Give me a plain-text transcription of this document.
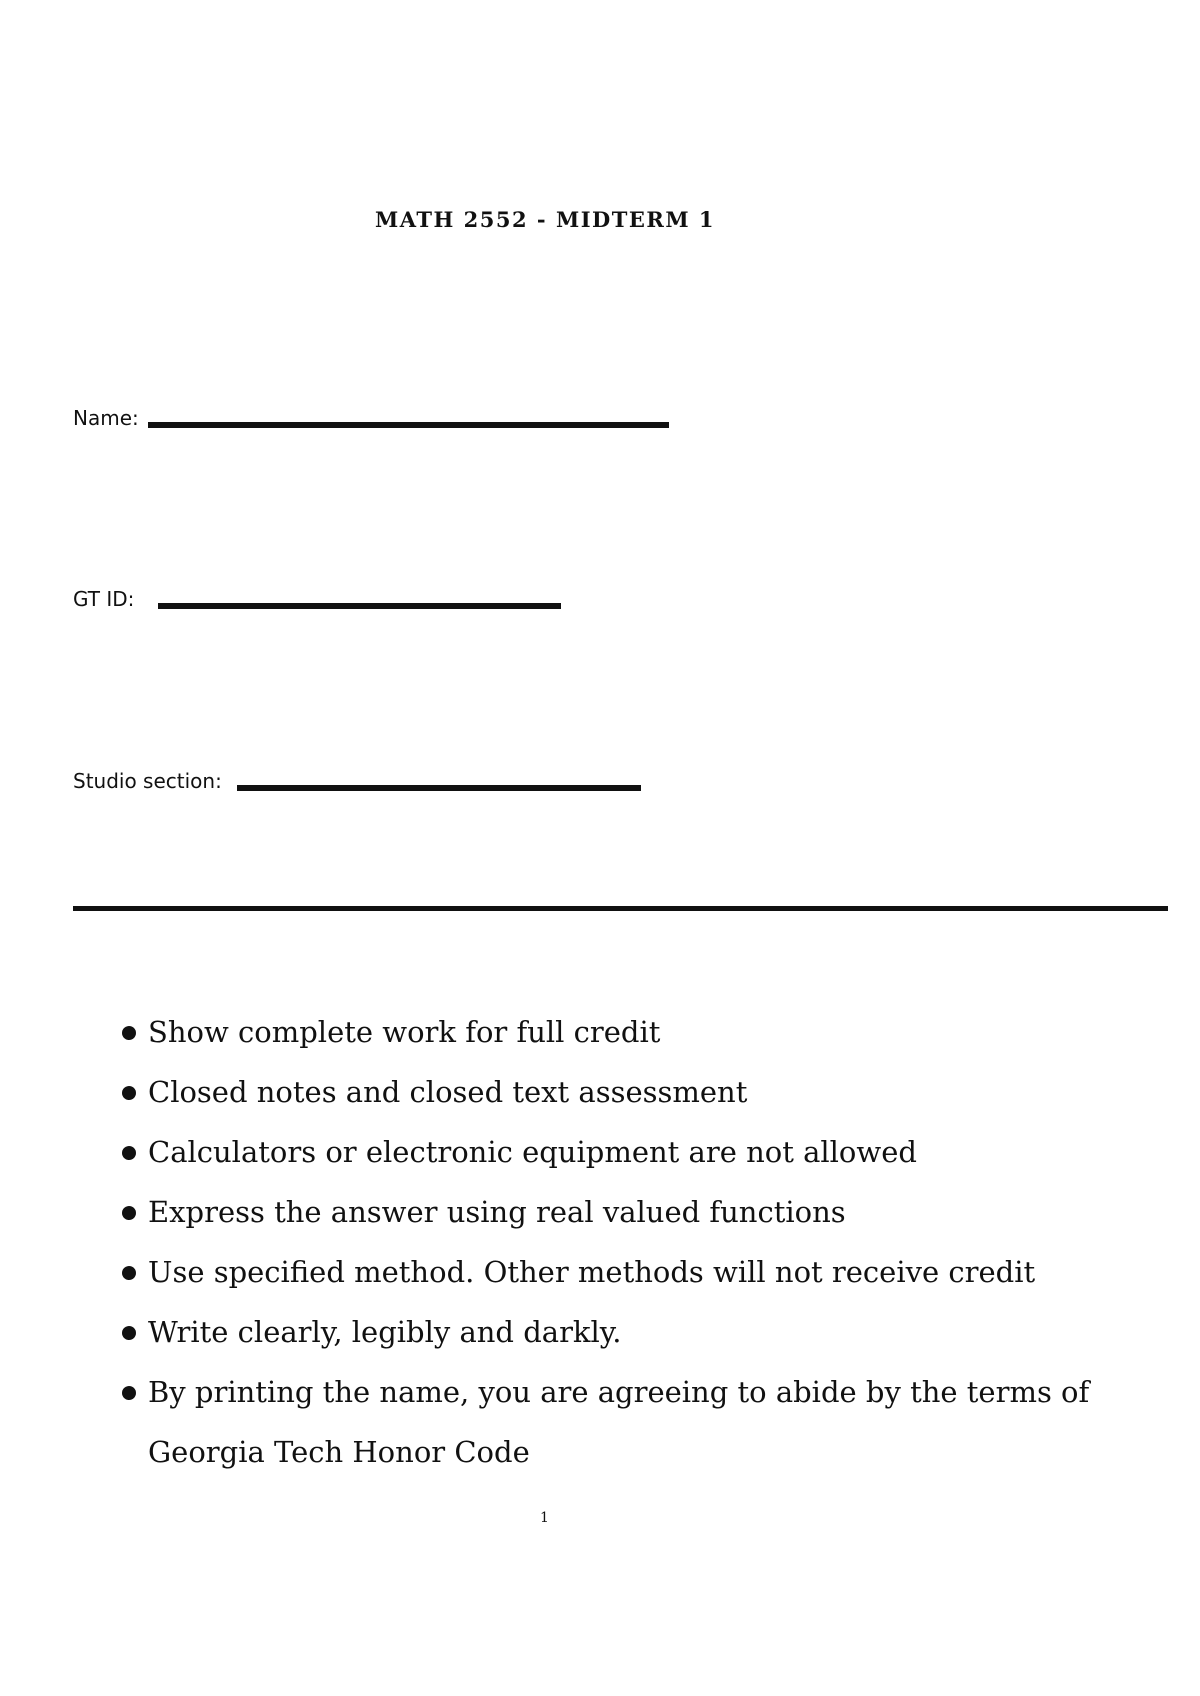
MATH 2552 - MIDTERM 1
Name:
GT ID:
Studio section:
Show complete work for full credit
Closed notes and closed text assessment
Calculators or electronic equipment are not allowed
Express the answer using real valued functions
Use specified method. Other methods will not receive credit
Write clearly, legibly and darkly.
By printing the name, you are agreeing to abide by the terms of Georgia Tech Honor Code
1
